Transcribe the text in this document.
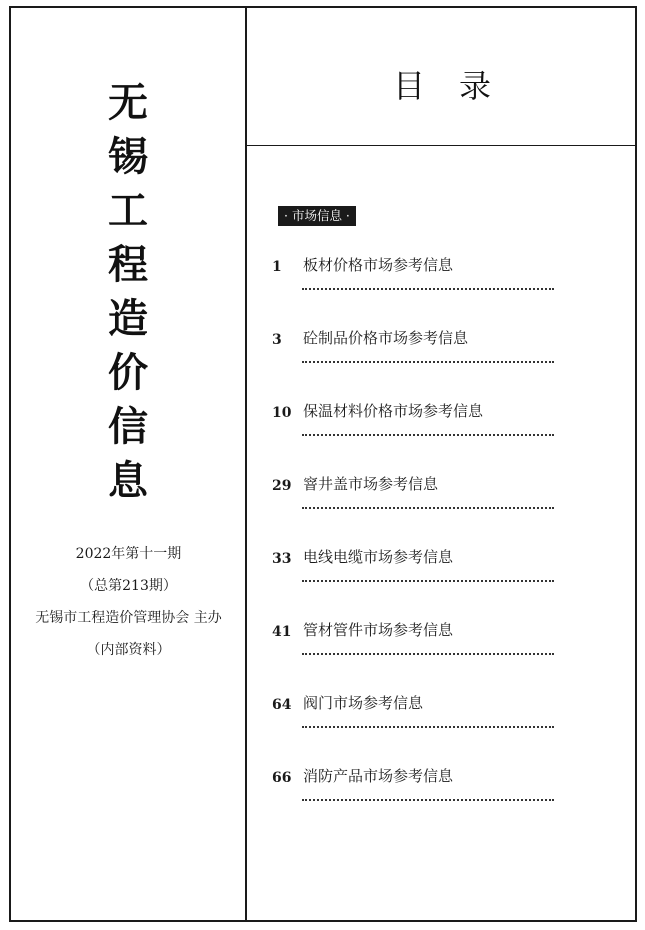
无
锡
工
程
造
价
信
息
2022年第十一期
（总第213期）
无锡市工程造价管理协会 主办
（内部资料）
目录
· 市场信息 ·
1	板材价格市场参考信息
3	砼制品价格市场参考信息
10 保温材料价格市场参考信息
29 窨井盖市场参考信息
33 电线电缆市场参考信息
41 管材管件市场参考信息
64 阀门市场参考信息
66 消防产品市场参考信息
